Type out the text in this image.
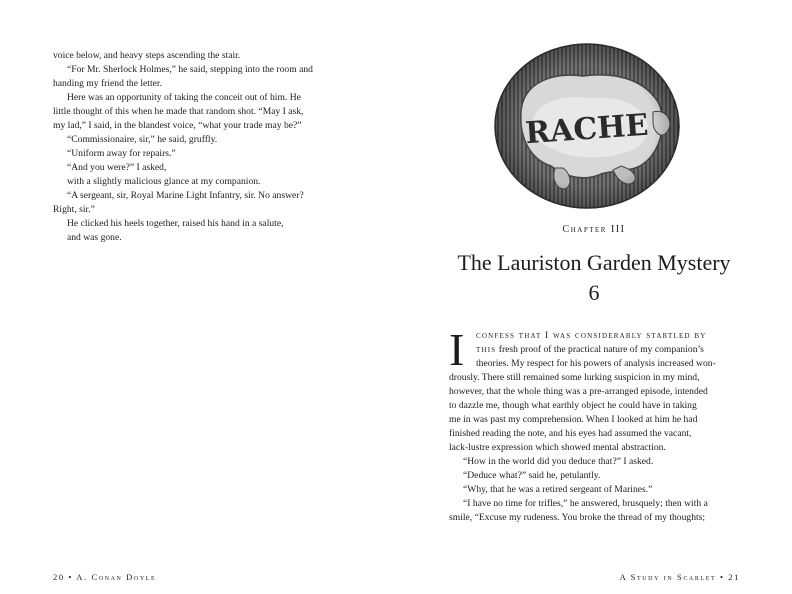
voice below, and heavy steps ascending the stair.

“For Mr. Sherlock Holmes,” he said, stepping into the room and

handing my friend the letter.

Here was an opportunity of taking the conceit out of him. He

little thought of this when he made that random shot. “May I ask,

my lad,” I said, in the blandest voice, “what your trade may be?”

“Commissionaire, sir,” he said, gruffly.

“Uniform away for repairs.”

“And you were?” I asked,

with a slightly malicious glance at my companion.

“A sergeant, sir, Royal Marine Light Infantry, sir. No answer?

Right, sir.”

He clicked his heels together, raised his hand in a salute,

and was gone.

20 • A. Conan Doyle
Chapter III
The Lauriston Garden Mystery
6
I confess that I was considerably startled by

this fresh proof of the practical nature of my companion’s

theories. My respect for his powers of analysis increased won-

drously. There still remained some lurking suspicion in my mind,

however, that the whole thing was a pre-arranged episode, intended

to dazzle me, though what earthly object he could have in taking

me in was past my comprehension. When I looked at him he had

finished reading the note, and his eyes had assumed the vacant,

lack-lustre expression which showed mental abstraction.

“How in the world did you deduce that?” I asked.

“Deduce what?” said he, petulantly.

“Why, that he was a retired sergeant of Marines.”

“I have no time for trifles,” he answered, brusquely; then with a

smile, “Excuse my rudeness. You broke the thread of my thoughts;

A Study in Scarlet • 21
